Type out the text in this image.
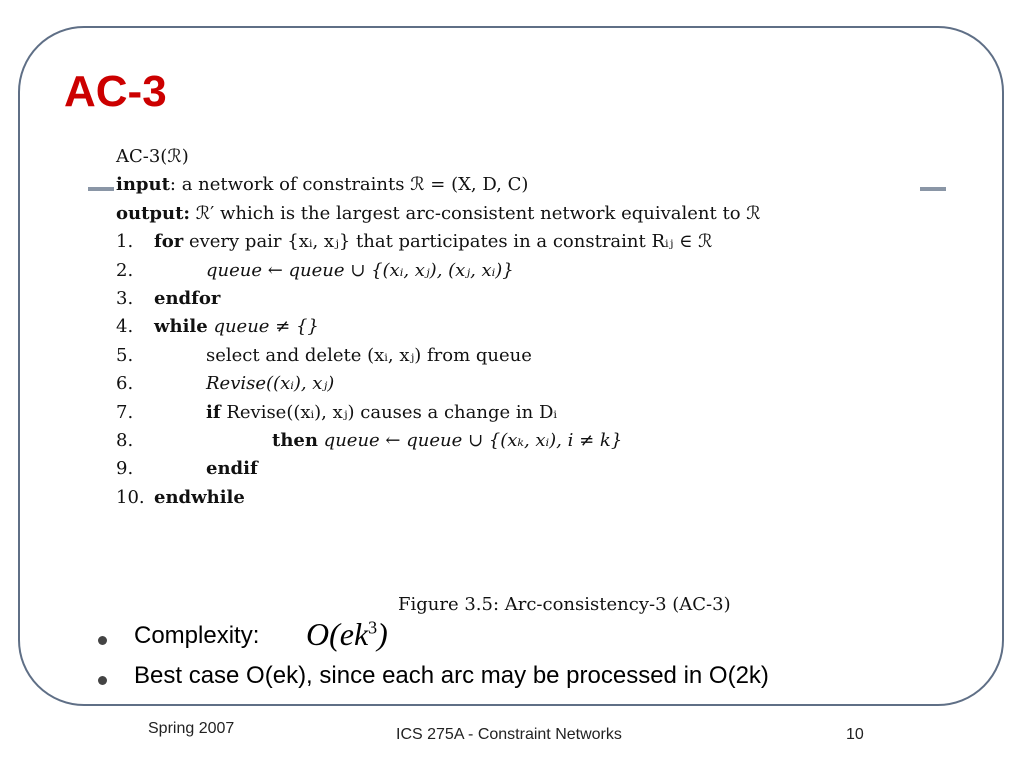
AC-3
AC-3(ℛ)
input: a network of constraints ℛ = (X, D, C)
output: ℛ′ which is the largest arc-consistent network equivalent to ℛ
1. for every pair {xᵢ, xⱼ} that participates in a constraint Rᵢⱼ ∈ ℛ
2.	queue ← queue ∪ {(xᵢ, xⱼ), (xⱼ, xᵢ)}
3. endfor
4. while queue ≠ {}
5.	select and delete (xᵢ, xⱼ) from queue
6.	Revise((xᵢ), xⱼ)
7.	if Revise((xᵢ), xⱼ) causes a change in Dᵢ
8.	then queue ← queue ∪ {(xₖ, xᵢ), i ≠ k}
9.	endif
10. endwhile
Figure 3.5: Arc-consistency-3 (AC-3)
Complexity: $O(ek^3)$
Best case O(ek), since each arc may be processed in O(2k)
Spring 2007	ICS 275A - Constraint Networks	10
